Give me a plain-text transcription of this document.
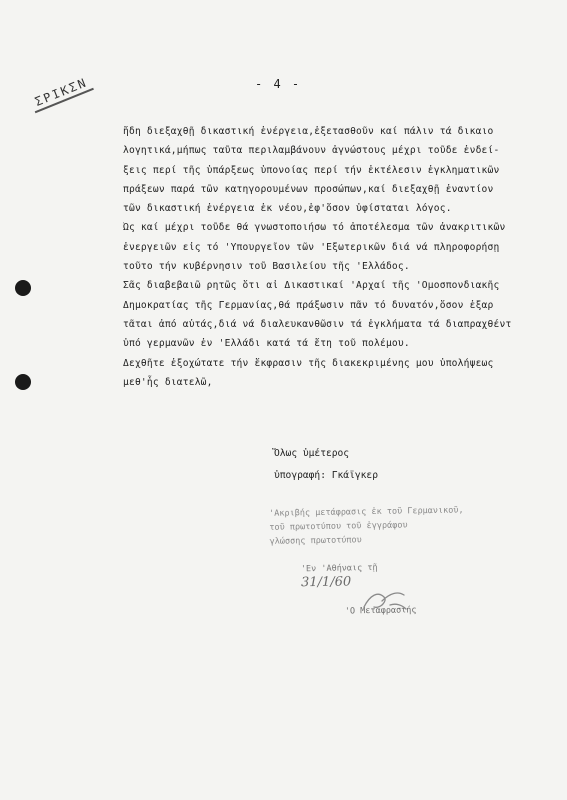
ΣΡΙΚΣΝ	- 4 -
ἤδη διεξαχθῇ δικαστική ἐνέργεια,ἐξετασθοῦν καί πάλιν τά δικαιο
λογητικά,μήπως ταῦτα περιλαμβάνουν ἀγνώστους μέχρι τοῦδε ἐνδεί-
ξεις περί τῆς ὑπάρξεως ὑπονοίας περί τήν ἐκτέλεσιν ἐγκληματικῶν
πράξεων παρά τῶν κατηγορουμένων προσώπων,καί διεξαχθῇ ἐναντίον
τῶν δικαστική ἐνέργεια ἐκ νέου,ἐφ'ὅσον ὑφίσταται λόγος.
Ὡς καί μέχρι τοῦδε θά γνωστοποιήσω τό ἀποτέλεσμα τῶν ἀνακριτικῶν
ἐνεργειῶν εἰς τό 'Υπουργεῖον τῶν 'Εξωτερικῶν διά νά πληροφορήσῃ
τοῦτο τήν κυβέρνησιν τοῦ Βασιλείου τῆς 'Ελλάδος.
Σᾶς διαβεβαιῶ ρητῶς ὅτι αἱ Δικαστικαί 'Αρχαί τῆς 'Ομοσπονδιακῆς
Δημοκρατίας τῆς Γερμανίας,θά πράξωσιν πᾶν τό δυνατόν,ὅσον ἐξαρ
τᾶται ἀπό αὐτάς,διά νά διαλευκανθῶσιν τά ἐγκλήματα τά διαπραχθέντ
ὑπό γερμανῶν ἐν 'Ελλάδι κατά τά ἔτη τοῦ πολέμου.
Δεχθῆτε ἐξοχώτατε τήν ἔκφρασιν τῆς διακεκριμένης μου ὑπολήψεως
μεθ'ἧς διατελῶ,
Ὅλως ὑμέτερος
ὑπογραφή: Γκάϊγκερ
'Ακριβής μετάφρασις ἐκ τοῦ Γερμανικοῦ,
τοῦ πρωτοτύπου τοῦ ἐγγράφου
γλώσσης πρωτοτύπου

'Εν 'Αθήναις τῇ
31/1/60

'Ο Μεταφραστής
